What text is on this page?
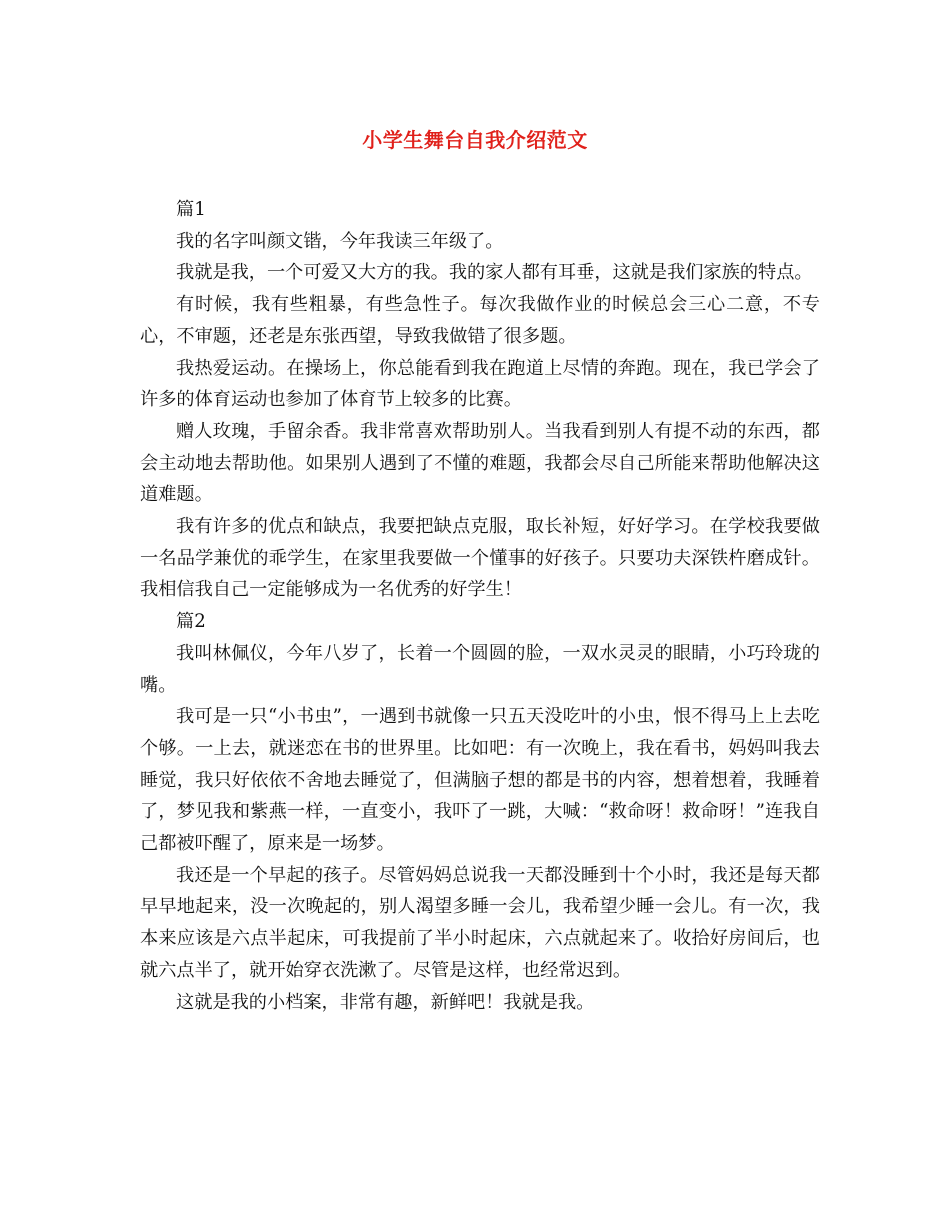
小学生舞台自我介绍范文

篇1

我的名字叫颜文锴，今年我读三年级了。

我就是我，一个可爱又大方的我。我的家人都有耳垂，这就是我们家族的特点。

有时候，我有些粗暴，有些急性子。每次我做作业的时候总会三心二意，不专心，不审题，还老是东张西望，导致我做错了很多题。

我热爱运动。在操场上，你总能看到我在跑道上尽情的奔跑。现在，我已学会了许多的体育运动也参加了体育节上较多的比赛。

赠人玫瑰，手留余香。我非常喜欢帮助别人。当我看到别人有提不动的东西，都会主动地去帮助他。如果别人遇到了不懂的难题，我都会尽自己所能来帮助他解决这道难题。

我有许多的优点和缺点，我要把缺点克服，取长补短，好好学习。在学校我要做一名品学兼优的乖学生，在家里我要做一个懂事的好孩子。只要功夫深铁杵磨成针。我相信我自己一定能够成为一名优秀的好学生！

篇2

我叫林佩仪，今年八岁了，长着一个圆圆的脸，一双水灵灵的眼睛，小巧玲珑的嘴。

我可是一只“小书虫”，一遇到书就像一只五天没吃叶的小虫，恨不得马上上去吃个够。一上去，就迷恋在书的世界里。比如吧：有一次晚上，我在看书，妈妈叫我去睡觉，我只好依依不舍地去睡觉了，但满脑子想的都是书的内容，想着想着，我睡着了，梦见我和紫燕一样，一直变小，我吓了一跳，大喊：“救命呀！救命呀！”连我自己都被吓醒了，原来是一场梦。

我还是一个早起的孩子。尽管妈妈总说我一天都没睡到十个小时，我还是每天都早早地起来，没一次晚起的，别人渴望多睡一会儿，我希望少睡一会儿。有一次，我本来应该是六点半起床，可我提前了半小时起床，六点就起来了。收拾好房间后，也就六点半了，就开始穿衣洗漱了。尽管是这样，也经常迟到。

这就是我的小档案，非常有趣，新鲜吧！我就是我。
